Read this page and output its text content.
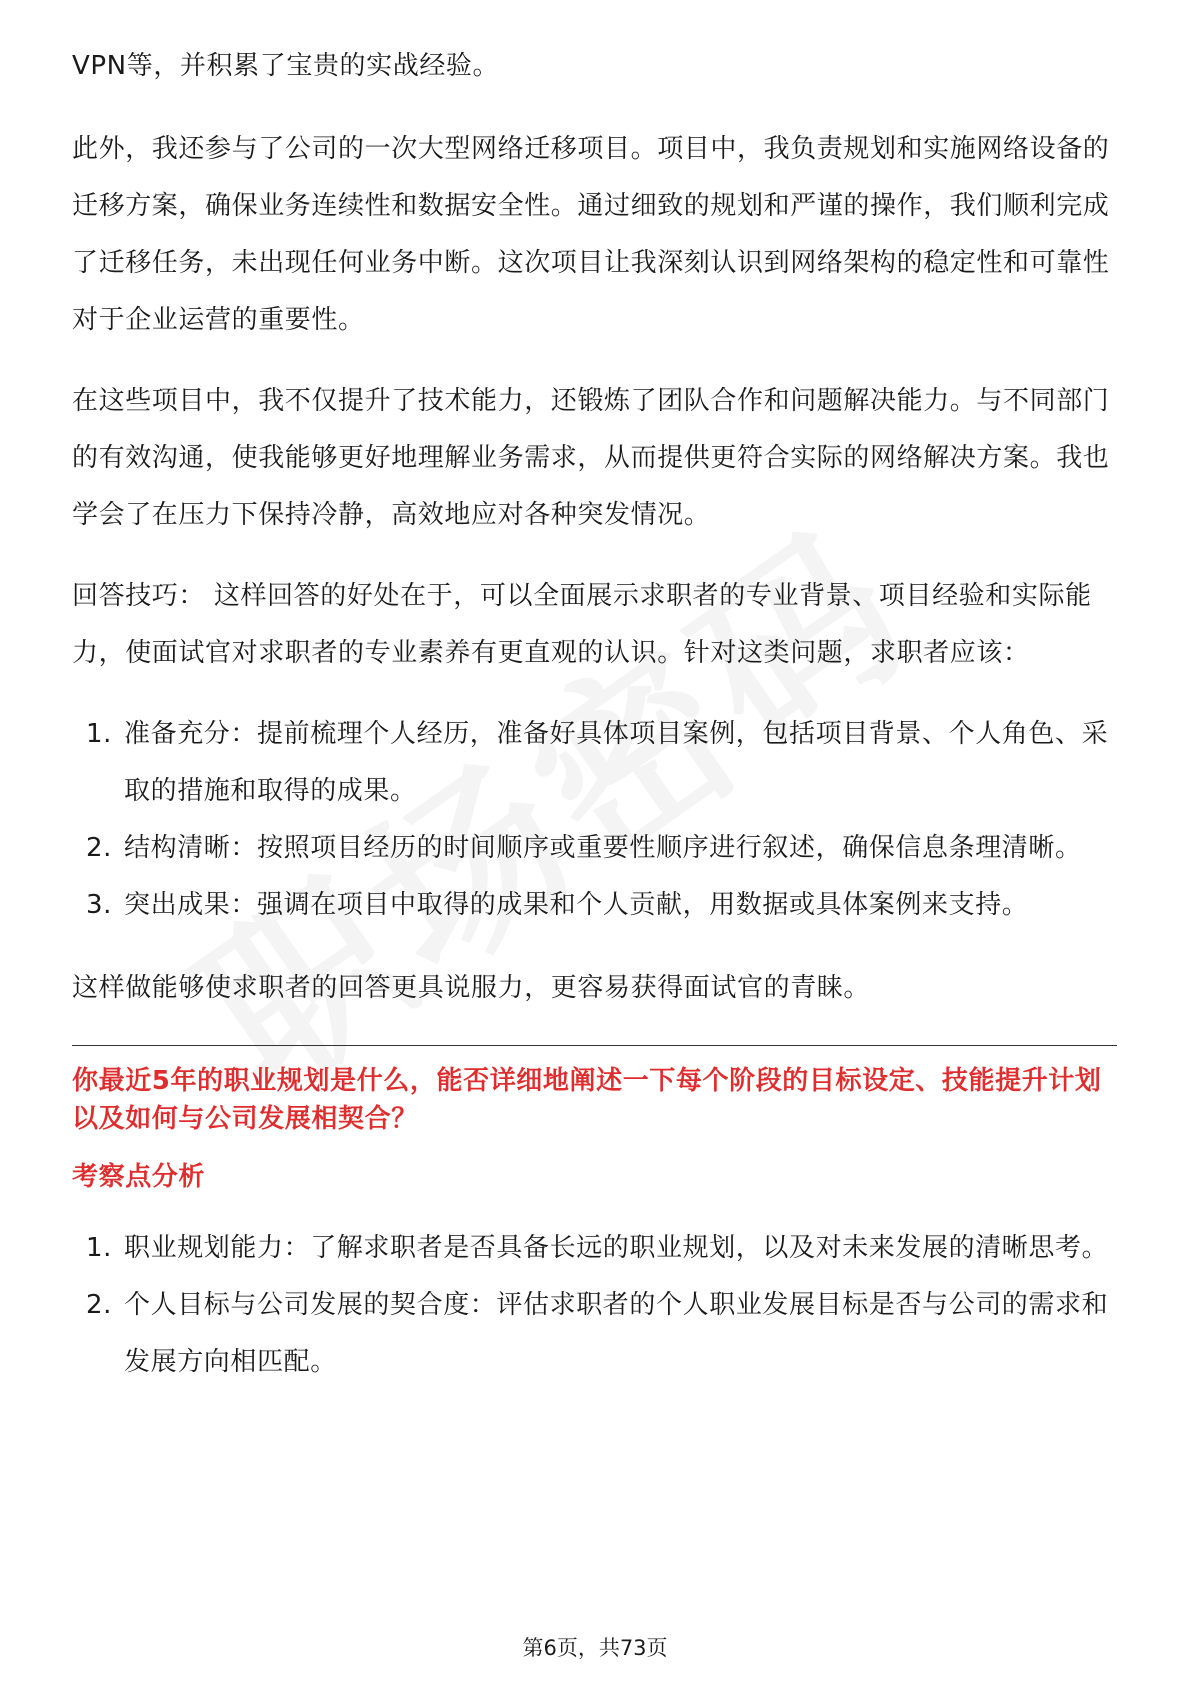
VPN等，并积累了宝贵的实战经验。

此外，我还参与了公司的一次大型网络迁移项目。项目中，我负责规划和实施网络设备的迁移方案，确保业务连续性和数据安全性。通过细致的规划和严谨的操作，我们顺利完成了迁移任务，未出现任何业务中断。这次项目让我深刻认识到网络架构的稳定性和可靠性对于企业运营的重要性。

在这些项目中，我不仅提升了技术能力，还锻炼了团队合作和问题解决能力。与不同部门的有效沟通，使我能够更好地理解业务需求，从而提供更符合实际的网络解决方案。我也学会了在压力下保持冷静，高效地应对各种突发情况。

回答技巧： 这样回答的好处在于，可以全面展示求职者的专业背景、项目经验和实际能力，使面试官对求职者的专业素养有更直观的认识。针对这类问题，求职者应该：

1. 准备充分：提前梳理个人经历，准备好具体项目案例，包括项目背景、个人角色、采取的措施和取得的成果。
2. 结构清晰：按照项目经历的时间顺序或重要性顺序进行叙述，确保信息条理清晰。
3. 突出成果：强调在项目中取得的成果和个人贡献，用数据或具体案例来支持。

这样做能够使求职者的回答更具说服力，更容易获得面试官的青睐。

你最近5年的职业规划是什么，能否详细地阐述一下每个阶段的目标设定、技能提升计划以及如何与公司发展相契合？
考察点分析
1. 职业规划能力：了解求职者是否具备长远的职业规划，以及对未来发展的清晰思考。
2. 个人目标与公司发展的契合度：评估求职者的个人职业发展目标是否与公司的需求和发展方向相匹配。
第6页，共73页
